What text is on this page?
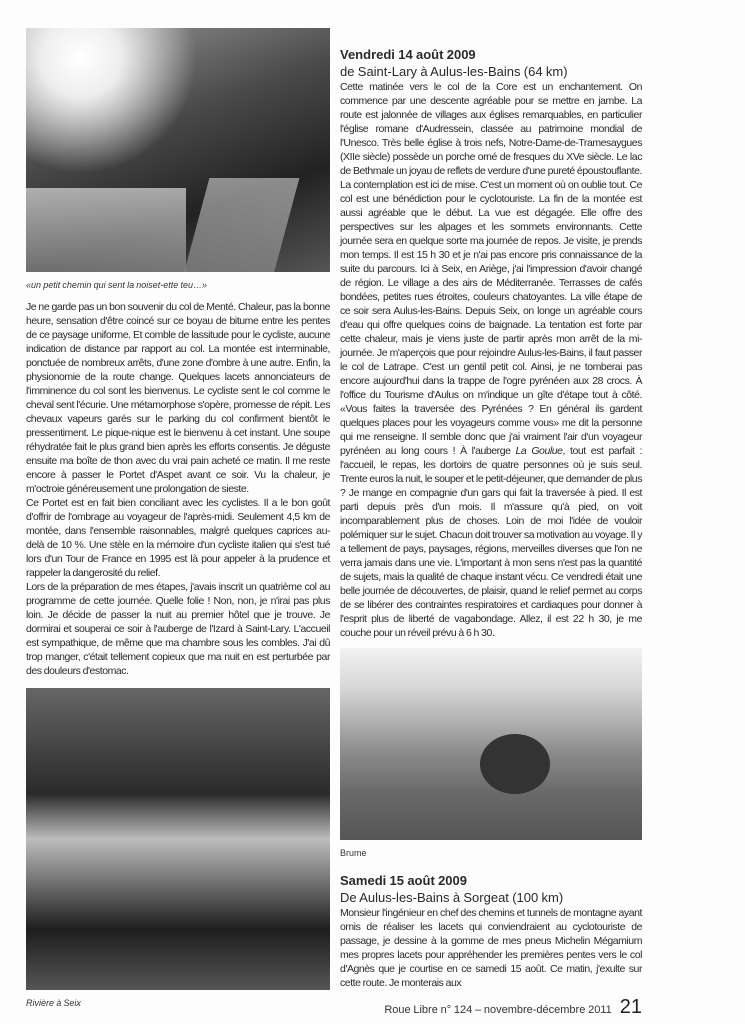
«un petit chemin qui sent la noiset-ette teu…»

Je ne garde pas un bon souvenir du col de Menté. Chaleur, pas la bonne heure, sensation d'être coincé sur ce boyau de bitume entre les pentes de ce paysage uniforme. Et comble de lassitude pour le cycliste, aucune indication de distance par rapport au col. La montée est interminable, ponctuée de nombreux arrêts, d'une zone d'ombre à une autre. Enfin, la physionomie de la route change. Quelques lacets annonciateurs de l'imminence du col sont les bienvenus. Le cycliste sent le col comme le cheval sent l'écurie. Une métamorphose s'opère, promesse de répit. Les chevaux vapeurs garés sur le parking du col confirment bientôt le pressentiment. Le pique-nique est le bienvenu à cet instant. Une soupe réhydratée fait le plus grand bien après les efforts consentis. Je déguste ensuite ma boîte de thon avec du vrai pain acheté ce matin. Il me reste encore à passer le Portet d'Aspet avant ce soir. Vu la chaleur, je m'octroie généreusement une prolongation de sieste.

Ce Portet est en fait bien conciliant avec les cyclistes. Il a le bon goût d'offrir de l'ombrage au voyageur de l'après-midi. Seulement 4,5 km de montée, dans l'ensemble raisonnables, malgré quelques caprices au-delà de 10 %. Une stèle en la mémoire d'un cycliste italien qui s'est tué lors d'un Tour de France en 1995 est là pour appeler à la prudence et rappeler la dangerosité du relief.

Lors de la préparation de mes étapes, j'avais inscrit un quatrième col au programme de cette journée. Quelle folie ! Non, non, je n'irai pas plus loin. Je décide de passer la nuit au premier hôtel que je trouve. Je dormirai et souperai ce soir à l'auberge de l'Izard à Saint-Lary. L'accueil est sympathique, de même que ma chambre sous les combles. J'ai dû trop manger, c'était tellement copieux que ma nuit en est perturbée par des douleurs d'estomac.

Rivière à Seix
Vendredi 14 août 2009
de Saint-Lary à Aulus-les-Bains (64 km)

Cette matinée vers le col de la Core est un enchantement. On commence par une descente agréable pour se mettre en jambe. La route est jalonnée de villages aux églises remarquables, en particulier l'église romane d'Audressein, classée au patrimoine mondial de l'Unesco. Très belle église à trois nefs, Notre-Dame-de-Tramesaygues (XIIe siècle) possède un porche orné de fresques du XVe siècle. Le lac de Bethmale un joyau de reflets de verdure d'une pureté époustouflante. La contemplation est ici de mise. C'est un moment où on oublie tout. Ce col est une bénédiction pour le cyclotouriste. La fin de la montée est aussi agréable que le début. La vue est dégagée. Elle offre des perspectives sur les alpages et les sommets environnants. Cette journée sera en quelque sorte ma journée de repos. Je visite, je prends mon temps. Il est 15 h 30 et je n'ai pas encore pris connaissance de la suite du parcours. Ici à Seix, en Ariège, j'ai l'impression d'avoir changé de région. Le village a des airs de Méditerranée. Terrasses de cafés bondées, petites rues étroites, couleurs chatoyantes. La ville étape de ce soir sera Aulus-les-Bains. Depuis Seix, on longe un agréable cours d'eau qui offre quelques coins de baignade. La tentation est forte par cette chaleur, mais je viens juste de partir après mon arrêt de la mi-journée. Je m'aperçois que pour rejoindre Aulus-les-Bains, il faut passer le col de Latrape. C'est un gentil petit col. Ainsi, je ne tomberai pas encore aujourd'hui dans la trappe de l'ogre pyrénéen aux 28 crocs. À l'office du Tourisme d'Aulus on m'indique un gîte d'étape tout à côté. «Vous faites la traversée des Pyrénées ? En général ils gardent quelques places pour les voyageurs comme vous» me dit la personne qui me renseigne. Il semble donc que j'ai vraiment l'air d'un voyageur pyrénéen au long cours ! À l'auberge La Goulue, tout est parfait : l'accueil, le repas, les dortoirs de quatre personnes où je suis seul. Trente euros la nuit, le souper et le petit-déjeuner, que demander de plus ? Je mange en compagnie d'un gars qui fait la traversée à pied. Il est parti depuis près d'un mois. Il m'assure qu'à pied, on voit incomparablement plus de choses. Loin de moi l'idée de vouloir polémiquer sur le sujet. Chacun doit trouver sa motivation au voyage. Il y a tellement de pays, paysages, régions, merveilles diverses que l'on ne verra jamais dans une vie. L'important à mon sens n'est pas la quantité de sujets, mais la qualité de chaque instant vécu. Ce vendredi était une belle journée de découvertes, de plaisir, quand le relief permet au corps de se libérer des contraintes respiratoires et cardiaques pour donner à l'esprit plus de liberté de vagabondage. Allez, il est 22 h 30, je me couche pour un réveil prévu à 6 h 30.

Brume
Samedi 15 août 2009
De Aulus-les-Bains à Sorgeat (100 km)

Monsieur l'ingénieur en chef des chemins et tunnels de montagne ayant omis de réaliser les lacets qui conviendraient au cyclotouriste de passage, je dessine à la gomme de mes pneus Michelin Mégamium mes propres lacets pour appréhender les premières pentes vers le col d'Agnès que je courtise en ce samedi 15 août. Ce matin, j'exulte sur cette route. Je monterais aux

Roue Libre n° 124 – novembre-décembre 2011 21
